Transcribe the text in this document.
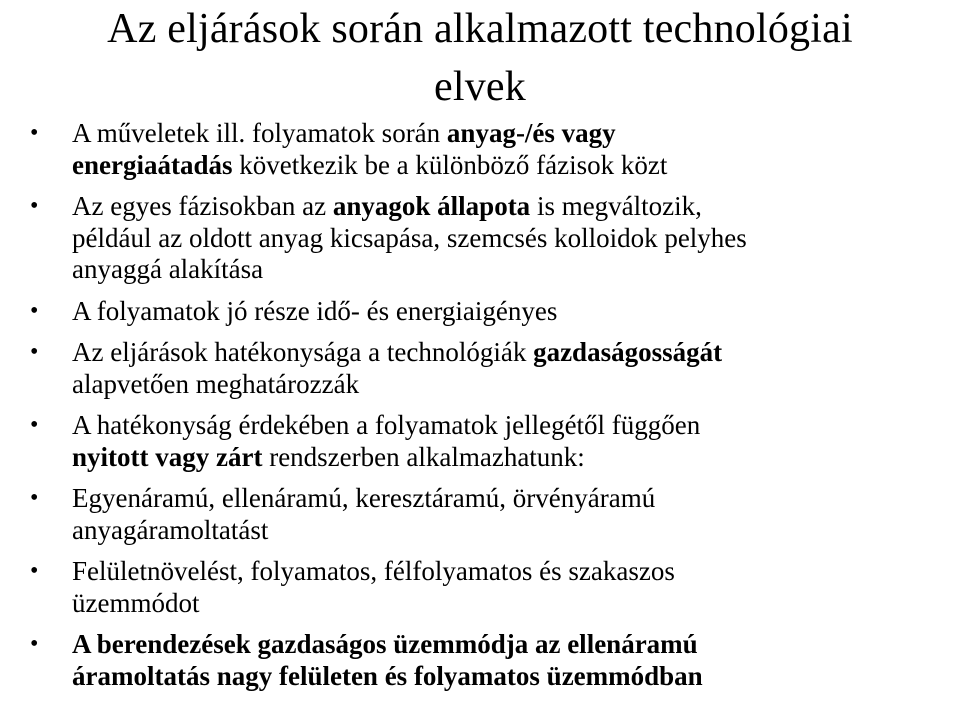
Az eljárások során alkalmazott technológiai
elvek
• A műveletek ill. folyamatok során anyag-/és vagy
energiaátadás következik be a különböző fázisok közt
• Az egyes fázisokban az anyagok állapota is megváltozik,
például az oldott anyag kicsapása, szemcsés kolloidok pelyhes
anyaggá alakítása
• A folyamatok jó része idő- és energiaigényes
• Az eljárások hatékonysága a technológiák gazdaságosságát
alapvetően meghatározzák
• A hatékonyság érdekében a folyamatok jellegétől függően
nyitott vagy zárt rendszerben alkalmazhatunk:
• Egyenáramú, ellenáramú, keresztáramú, örvényáramú
anyagáramoltatást
• Felületnövelést, folyamatos, félfolyamatos és szakaszos
üzemmódot
• A berendezések gazdaságos üzemmódja az ellenáramú
áramoltatás nagy felületen és folyamatos üzemmódban
